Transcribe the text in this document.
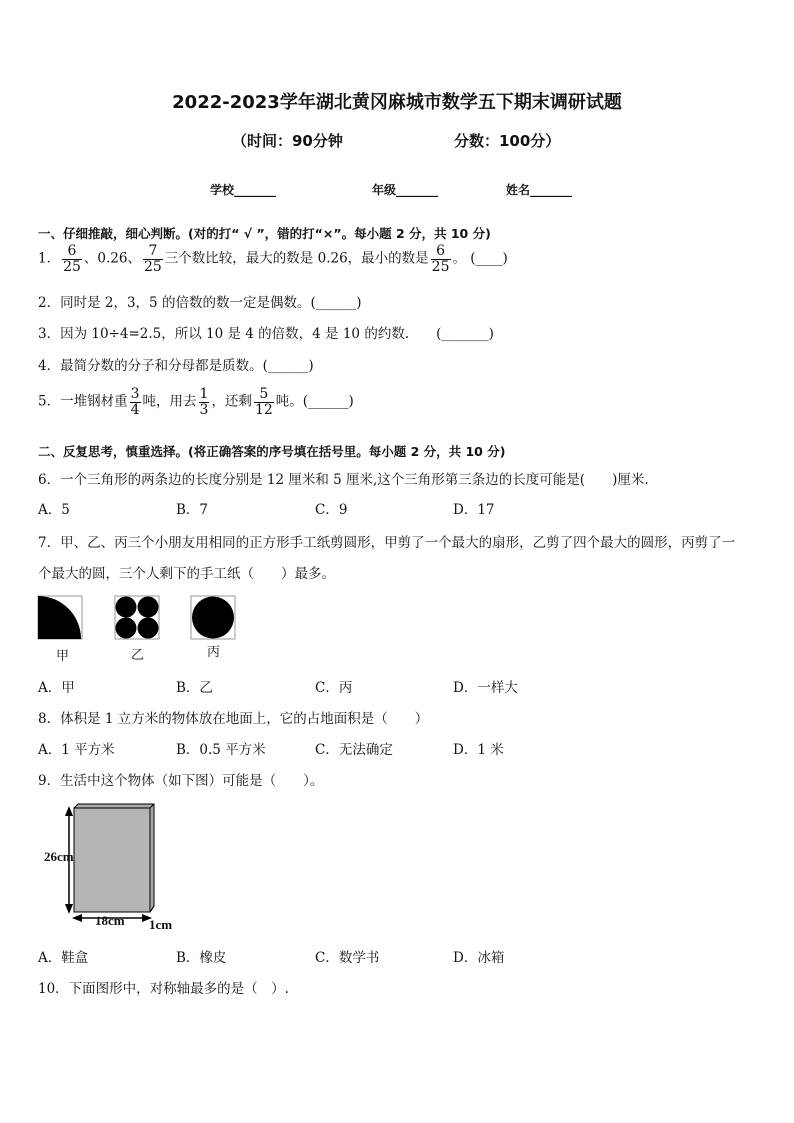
2022-2023学年湖北黄冈麻城市数学五下期末调研试题
（时间：90分钟	分数：100分）
学校_______	年级_______	姓名_______
一、仔细推敲，细心判断。(对的打“ √ ”，错的打“×”。每小题 2 分，共 10 分)
1． $\frac{6}{25}$ 、0.26、 $\frac{7}{25}$ 三个数比较，最大的数是 0.26，最小的数是 $\frac{6}{25}$ 。 (____)
2．同时是 2，3，5 的倍数的数一定是偶数。(______)
3．因为 10÷4=2.5，所以 10 是 4 的倍数，4 是 10 的约数.　　(_______)
4．最简分数的分子和分母都是质数。(______)
5．一堆钢材重 $\frac{3}{4}$ 吨，用去 $\frac{1}{3}$ ，还剩 $\frac{5}{12}$ 吨。(______)
二、反复思考，慎重选择。(将正确答案的序号填在括号里。每小题 2 分，共 10 分)
6．一个三角形的两条边的长度分别是 12 厘米和 5 厘米,这个三角形第三条边的长度可能是(　　)厘米.
A．5	B．7	C．9	D．17
7．甲、乙、丙三个小朋友用相同的正方形手工纸剪圆形，甲剪了一个最大的扇形，乙剪了四个最大的圆形，丙剪了一
个最大的圆，三个人剩下的手工纸（　　）最多。
甲	乙	丙
A．甲	B．乙	C．丙	D．一样大
8．体积是 1 立方米的物体放在地面上，它的占地面积是（　　）
A．1 平方米	B．0.5 平方米	C．无法确定	D．1 米
9．生活中这个物体（如下图）可能是（　　）。
26cm
18cm 1cm
A．鞋盒	B．橡皮	C．数学书	D．冰箱
10．下面图形中，对称轴最多的是（　）.
